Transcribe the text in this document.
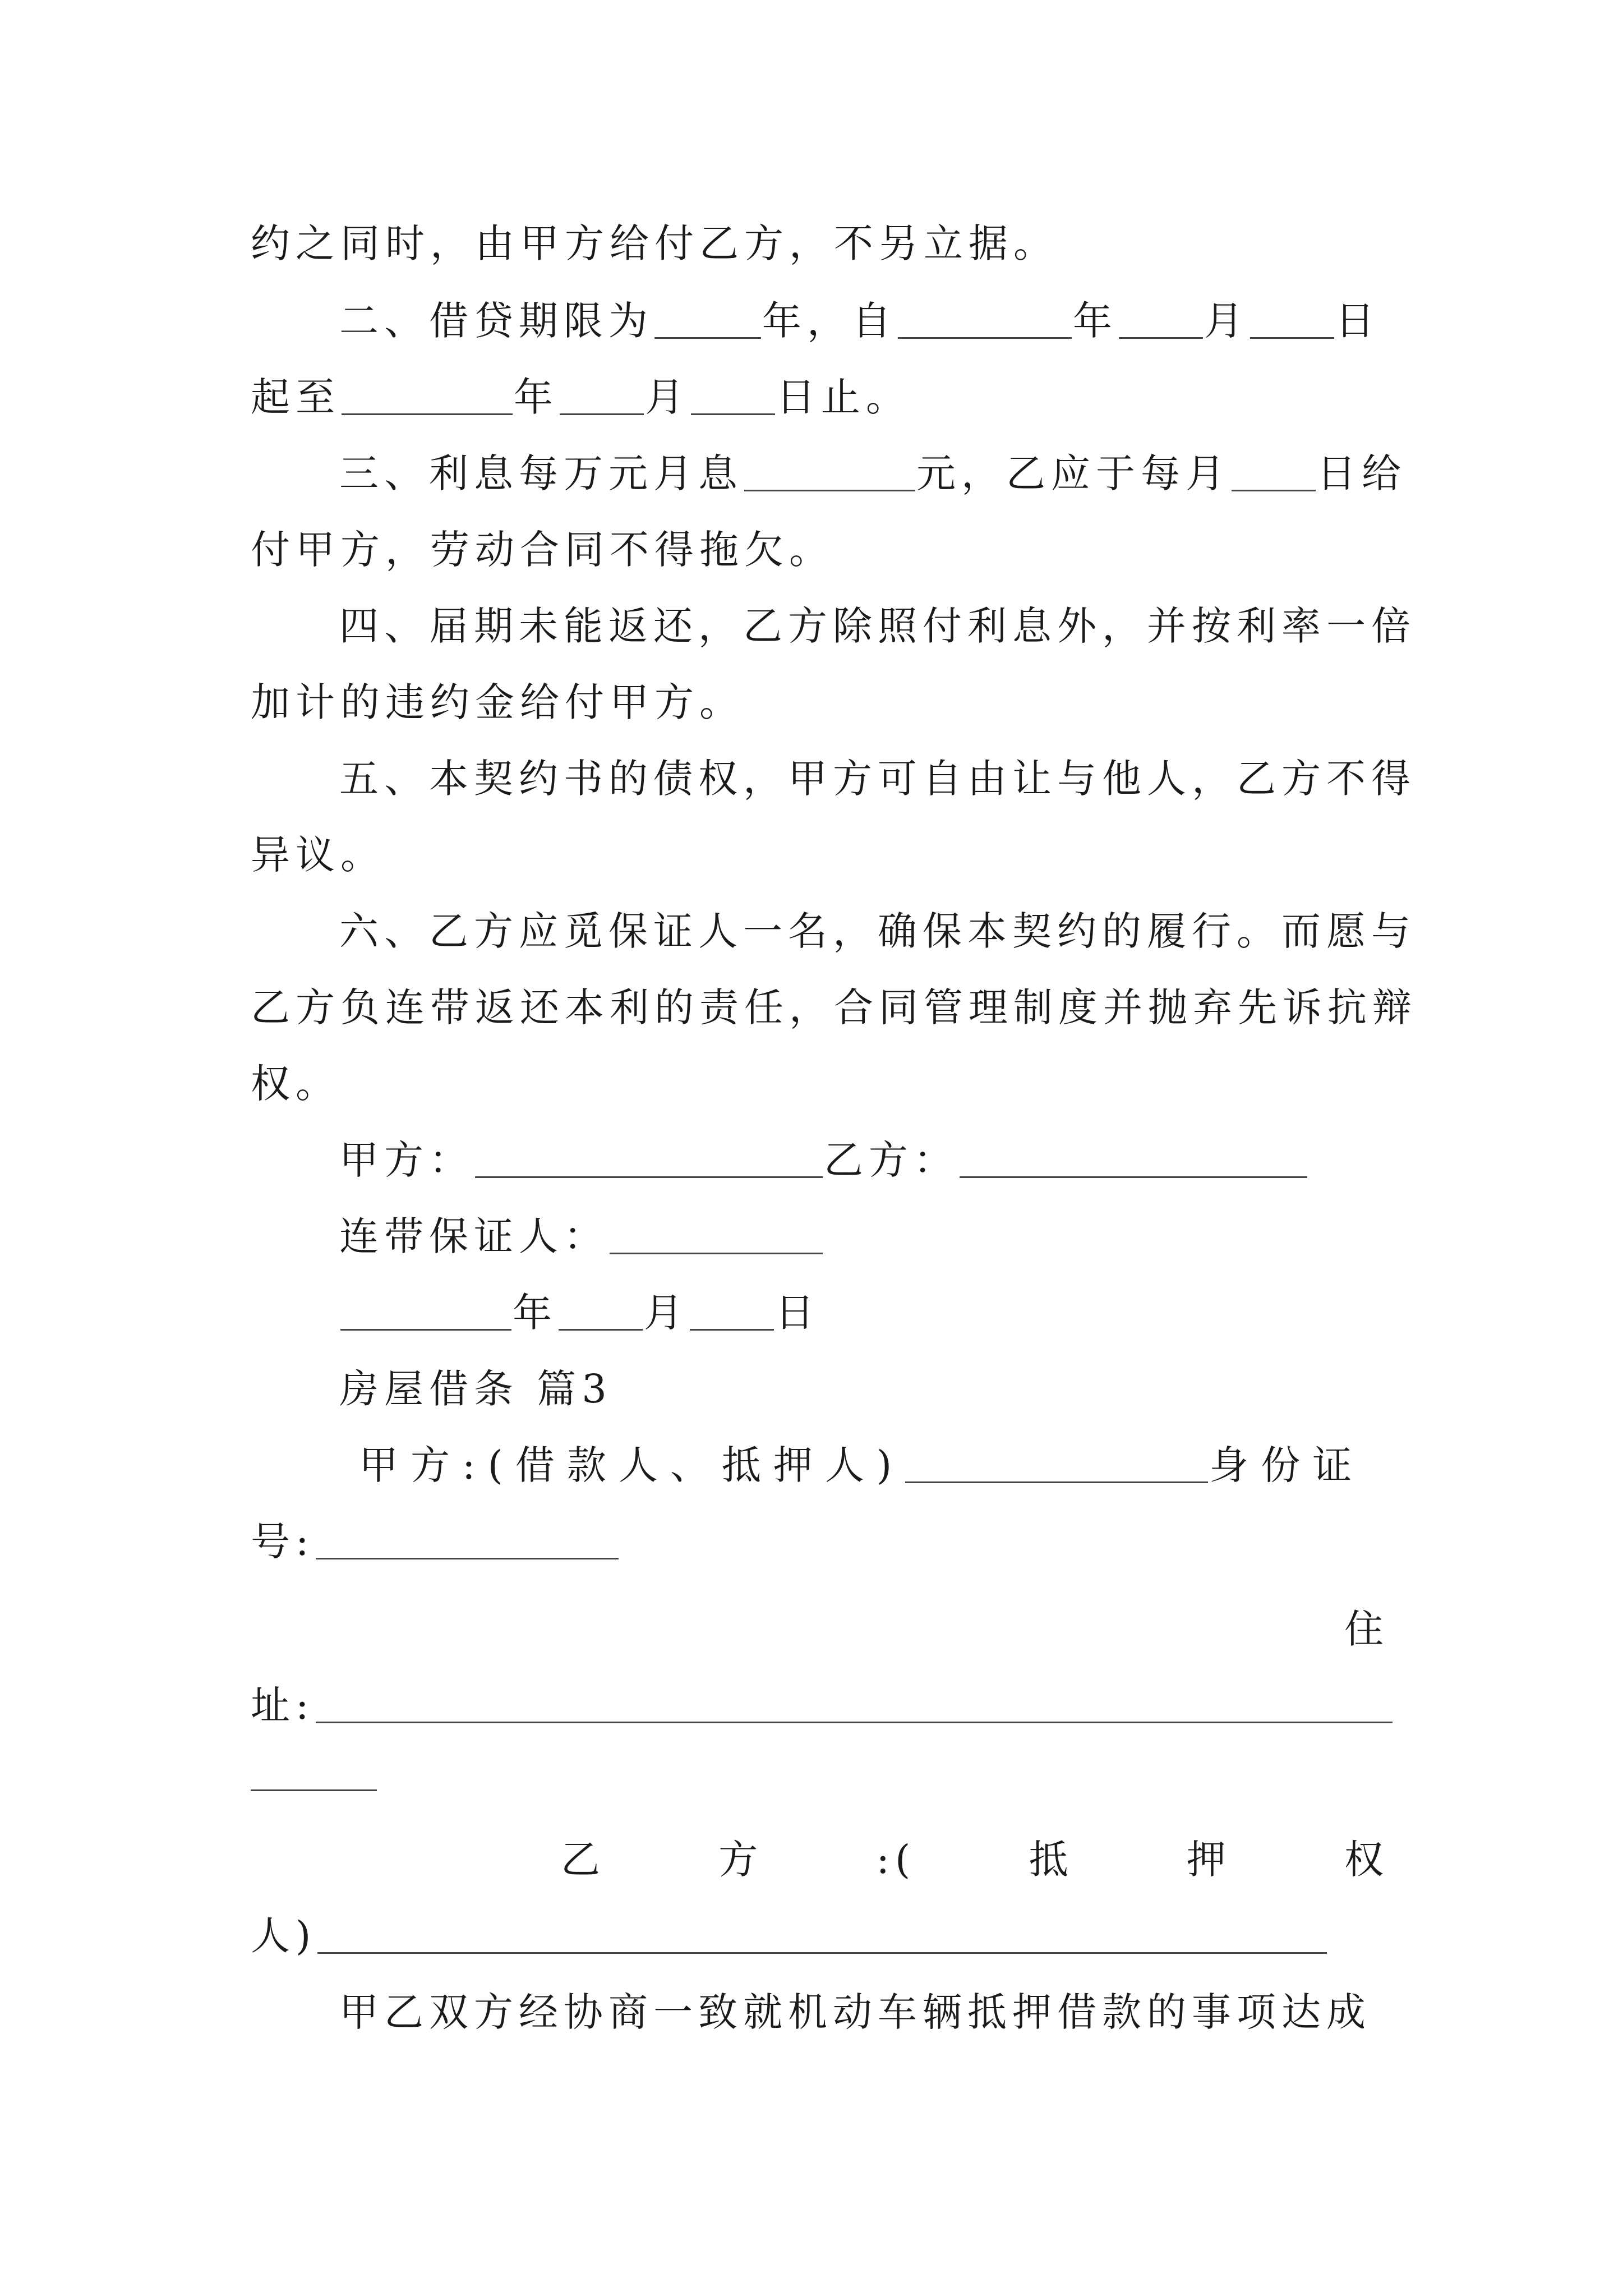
约之同时，由甲方给付乙方，不另立据。
二、借贷期限为	年，自	年 月 日
起至	年 月 日止。
三、利息每万元月息	元，乙应于每月 日给
付甲方，劳动合同不得拖欠。
四、届期未能返还，乙方除照付利息外，并按利率一倍
加计的违约金给付甲方。
五、本契约书的债权，甲方可自由让与他人，乙方不得
异议。
六、乙方应觅保证人一名，确保本契约的履行。而愿与
乙方负连带返还本利的责任，合同管理制度并抛弃先诉抗辩
权。
甲方：	乙方：
连带保证人：
年 月 日
房屋借条 篇3
甲方:(借款人、抵押人)	身份证
号:
住
址:
乙	方	:(	抵	押	权
人)
甲乙双方经协商一致就机动车辆抵押借款的事项达成
